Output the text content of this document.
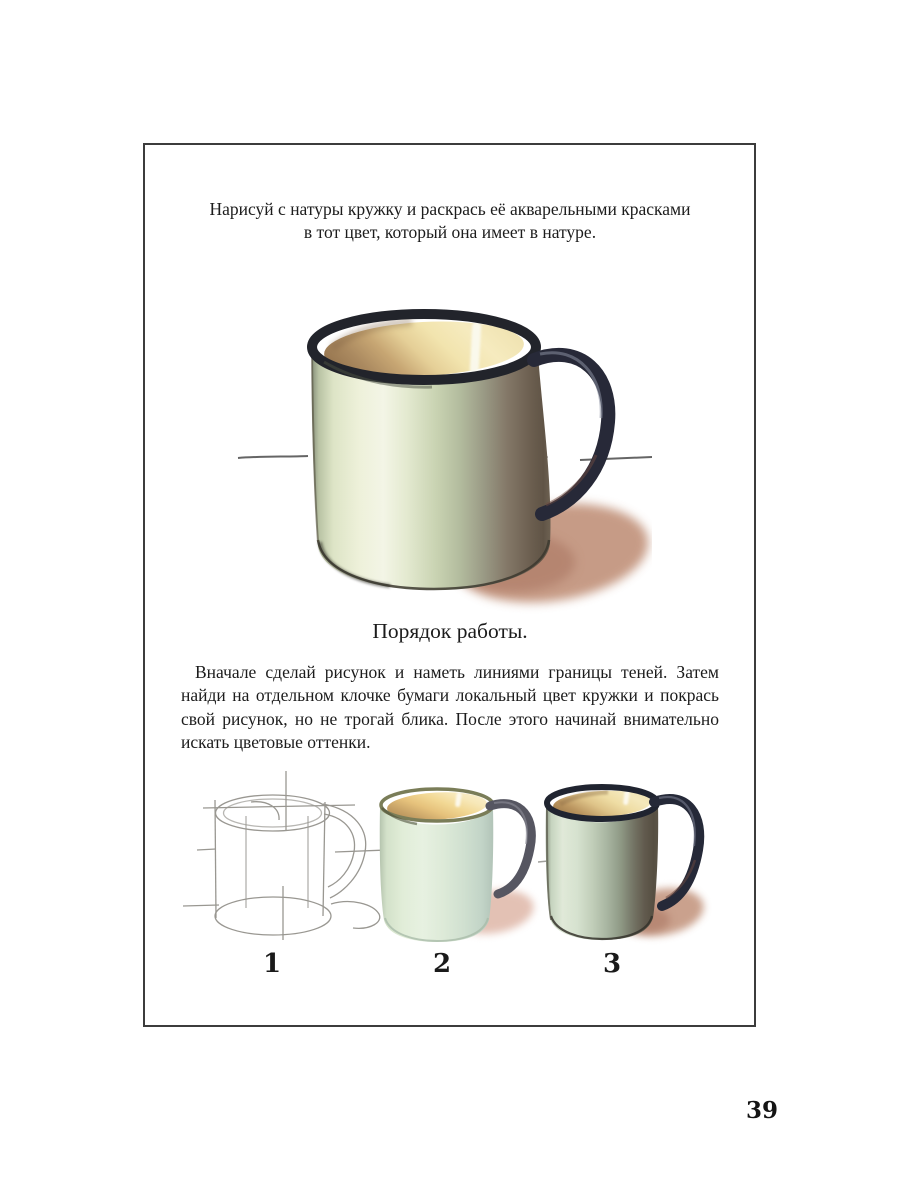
Нарисуй с натуры кружку и раскрась её акварельными красками
в тот цвет, который она имеет в натуре.
Порядок работы.
Вначале сделай рисунок и наметь линиями границы теней. Затем
найди на отдельном клочке бумаги локальный цвет кружки и покрась
свой рисунок, но не трогай блика. После этого начинай внимательно
искать цветовые оттенки.
1	2	3
39
